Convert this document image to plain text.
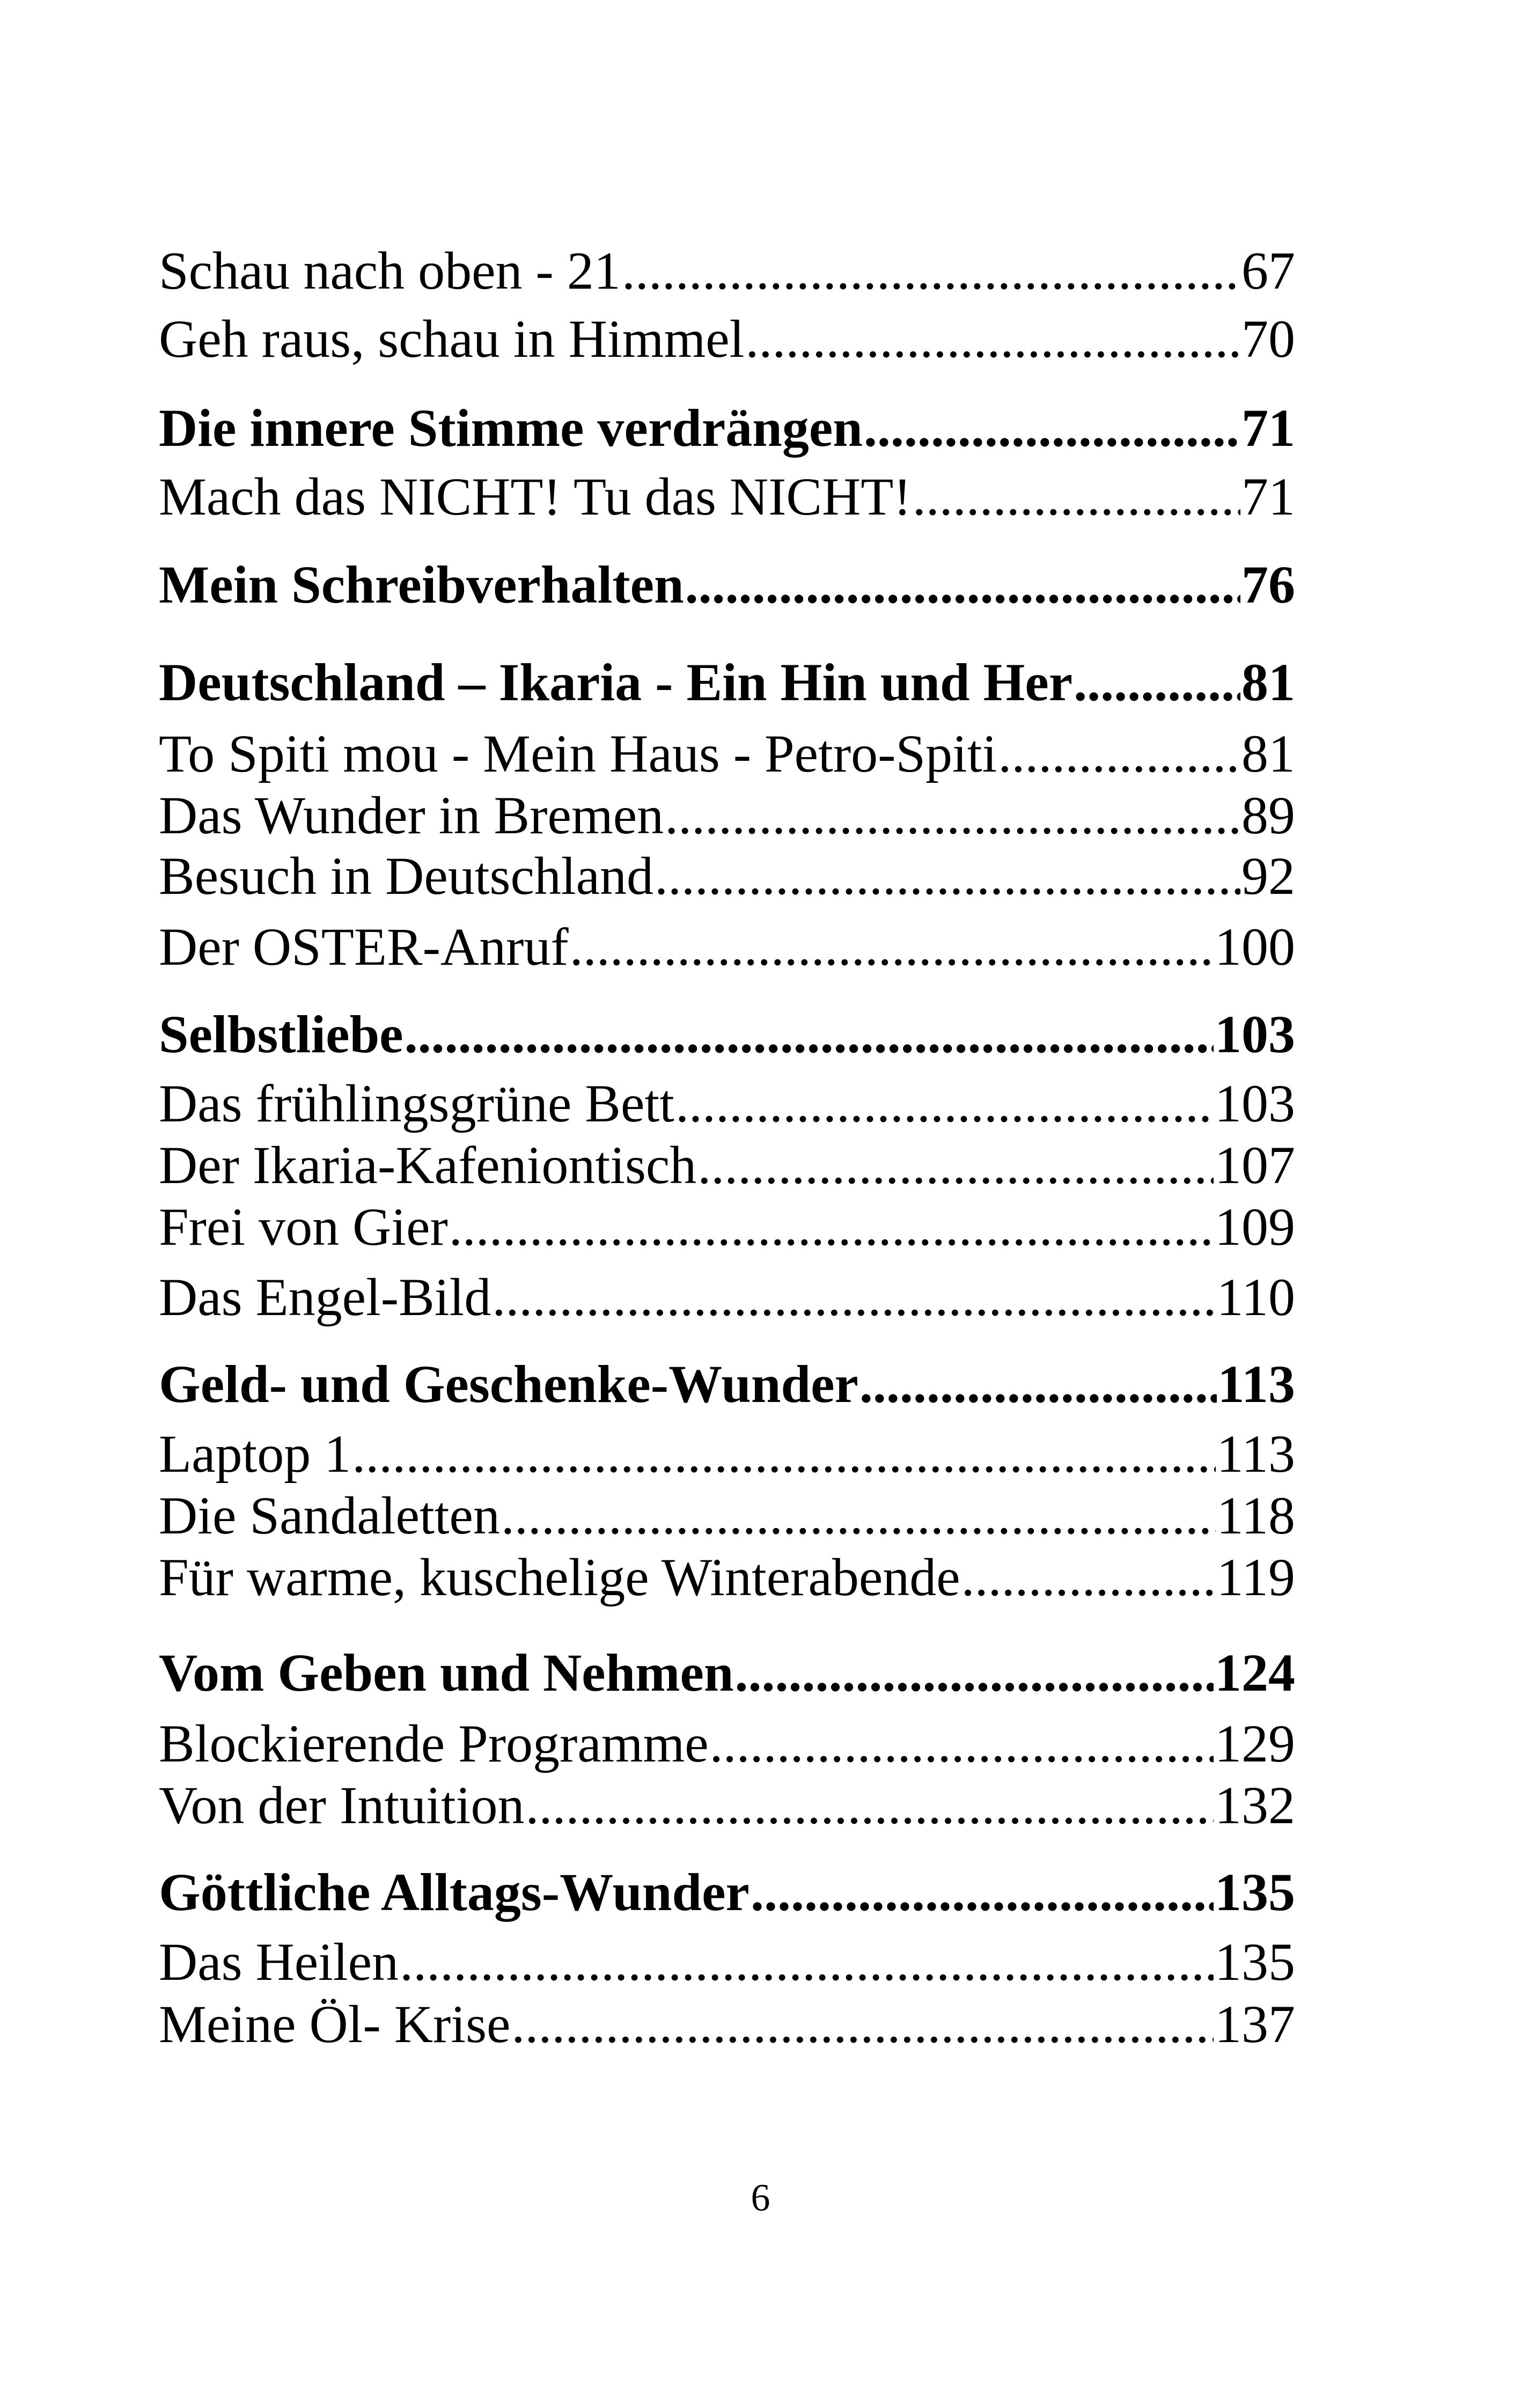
Schau nach oben - 21 .....	67
Geh raus, schau in Himmel .....	70
Die innere Stimme verdrängen .....	71
Mach das NICHT! Tu das NICHT! .....	71
Mein Schreibverhalten .....	76
Deutschland – Ikaria - Ein Hin und Her .....	81
To Spiti mou - Mein Haus - Petro-Spiti .....	81
Das Wunder in Bremen .....	89
Besuch in Deutschland .....	92
Der OSTER-Anruf .....	100
Selbstliebe .....	103
Das frühlingsgrüne Bett .....	103
Der Ikaria-Kafeniontisch .....	107
Frei von Gier .....	109
Das Engel-Bild .....	110
Geld- und Geschenke-Wunder .....	113
Laptop 1 .....	113
Die Sandaletten .....	118
Für warme, kuschelige Winterabende .....	119
Vom Geben und Nehmen .....	124
Blockierende Programme .....	129
Von der Intuition .....	132
Göttliche Alltags-Wunder .....	135
Das Heilen .....	135
Meine Öl- Krise .....	137
6
